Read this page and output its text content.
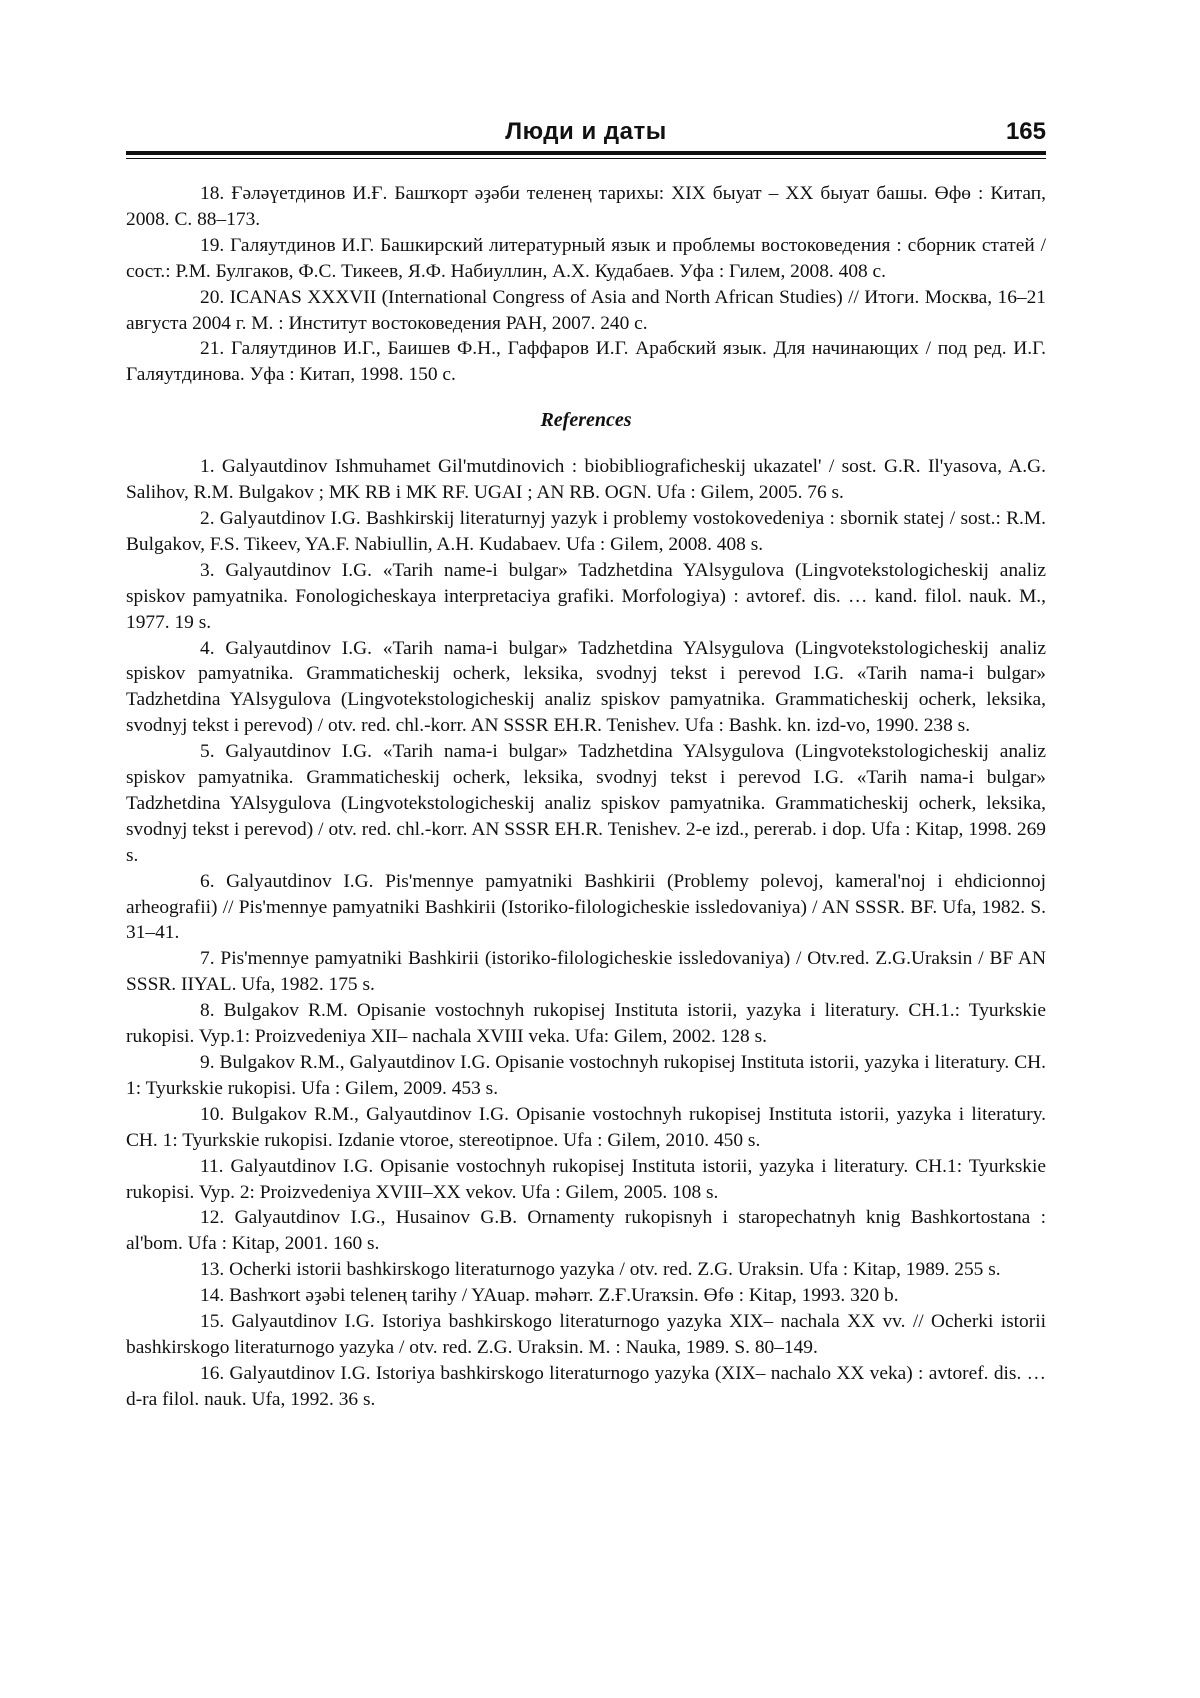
Люди и даты	165

18. Ғәләүетдинов И.Ғ. Башҡорт әҙәби теленең тарихы: XIX быуат – XX быуат башы. Өфө : Китап, 2008. С. 88–173.

19. Галяутдинов И.Г. Башкирский литературный язык и проблемы востоковедения : сборник статей / сост.: Р.М. Булгаков, Ф.С. Тикеев, Я.Ф. Набиуллин, А.Х. Кудабаев. Уфа : Гилем, 2008. 408 с.

20. ICANAS XXXVII (International Congress of Asia and North African Studies) // Итоги. Москва, 16–21 августа 2004 г. М. : Институт востоковедения РАН, 2007. 240 с.

21. Галяутдинов И.Г., Баишев Ф.Н., Гаффаров И.Г. Арабский язык. Для начинающих / под ред. И.Г. Галяутдинова. Уфа : Китап, 1998. 150 с.

References

1. Galyautdinov Ishmuhamet Gil'mutdinovich : biobibliograficheskij ukazatel' / sost. G.R. Il'yasova, A.G. Salihov, R.M. Bulgakov ; MK RB i MK RF. UGAI ; AN RB. OGN. Ufa : Gilem, 2005. 76 s.

2. Galyautdinov I.G. Bashkirskij literaturnyj yazyk i problemy vostokovedeniya : sbornik statej / sost.: R.M. Bulgakov, F.S. Tikeev, YA.F. Nabiullin, A.H. Kudabaev. Ufa : Gilem, 2008. 408 s.

3. Galyautdinov I.G. «Tarih name-i bulgar» Tadzhetdina YAlsygulova (Lingvotekstologicheskij analiz spiskov pamyatnika. Fonologicheskaya interpretaciya grafiki. Morfologiya) : avtoref. dis. … kand. filol. nauk. M., 1977. 19 s.

4. Galyautdinov I.G. «Tarih nama-i bulgar» Tadzhetdina YAlsygulova (Lingvotekstologicheskij analiz spiskov pamyatnika. Grammaticheskij ocherk, leksika, svodnyj tekst i perevod I.G. «Tarih nama-i bulgar» Tadzhetdina YAlsygulova (Lingvotekstologicheskij analiz spiskov pamyatnika. Grammaticheskij ocherk, leksika, svodnyj tekst i perevod) / otv. red. chl.-korr. AN SSSR EH.R. Tenishev. Ufa : Bashk. kn. izd-vo, 1990. 238 s.

5. Galyautdinov I.G. «Tarih nama-i bulgar» Tadzhetdina YAlsygulova (Lingvotekstologicheskij analiz spiskov pamyatnika. Grammaticheskij ocherk, leksika, svodnyj tekst i perevod I.G. «Tarih nama-i bulgar» Tadzhetdina YAlsygulova (Lingvotekstologicheskij analiz spiskov pamyatnika. Grammaticheskij ocherk, leksika, svodnyj tekst i perevod) / otv. red. chl.-korr. AN SSSR EH.R. Tenishev. 2-e izd., pererab. i dop. Ufa : Kitap, 1998. 269 s.

6. Galyautdinov I.G. Pis'mennye pamyatniki Bashkirii (Problemy polevoj, kameral'noj i ehdicionnoj arheografii) // Pis'mennye pamyatniki Bashkirii (Istoriko-filologicheskie issledovaniya) / AN SSSR. BF. Ufa, 1982. S. 31–41.

7. Pis'mennye pamyatniki Bashkirii (istoriko-filologicheskie issledovaniya) / Otv.red. Z.G.Uraksin / BF AN SSSR. IIYAL. Ufa, 1982. 175 s.

8. Bulgakov R.M. Opisanie vostochnyh rukopisej Instituta istorii, yazyka i literatury. CH.1.: Tyurkskie rukopisi. Vyp.1: Proizvedeniya XII– nachala XVIII veka. Ufa: Gilem, 2002. 128 s.

9. Bulgakov R.M., Galyautdinov I.G. Opisanie vostochnyh rukopisej Instituta istorii, yazyka i literatury. CH. 1: Tyurkskie rukopisi. Ufa : Gilem, 2009. 453 s.

10. Bulgakov R.M., Galyautdinov I.G. Opisanie vostochnyh rukopisej Instituta istorii, yazyka i literatury. CH. 1: Tyurkskie rukopisi. Izdanie vtoroe, stereotipnoe. Ufa : Gilem, 2010. 450 s.

11. Galyautdinov I.G. Opisanie vostochnyh rukopisej Instituta istorii, yazyka i literatury. CH.1: Tyurkskie rukopisi. Vyp. 2: Proizvedeniya XVIII–XX vekov. Ufa : Gilem, 2005. 108 s.

12. Galyautdinov I.G., Husainov G.B. Ornamenty rukopisnyh i staropechatnyh knig Bashkortostana : al'bom. Ufa : Kitap, 2001. 160 s.

13. Ocherki istorii bashkirskogo literaturnogo yazyka / otv. red. Z.G. Uraksin. Ufa : Kitap, 1989. 255 s.

14. Bashҡort әҙәbi teleneң tarihy / YAuap. məhərr. Z.Ғ.Uraҡsin. Өfө : Kitap, 1993. 320 b.

15. Galyautdinov I.G. Istoriya bashkirskogo literaturnogo yazyka XIX– nachala XX vv. // Ocherki istorii bashkirskogo literaturnogo yazyka / otv. red. Z.G. Uraksin. M. : Nauka, 1989. S. 80–149.

16. Galyautdinov I.G. Istoriya bashkirskogo literaturnogo yazyka (XIX– nachalo XX veka) : avtoref. dis. … d-ra filol. nauk. Ufa, 1992. 36 s.
